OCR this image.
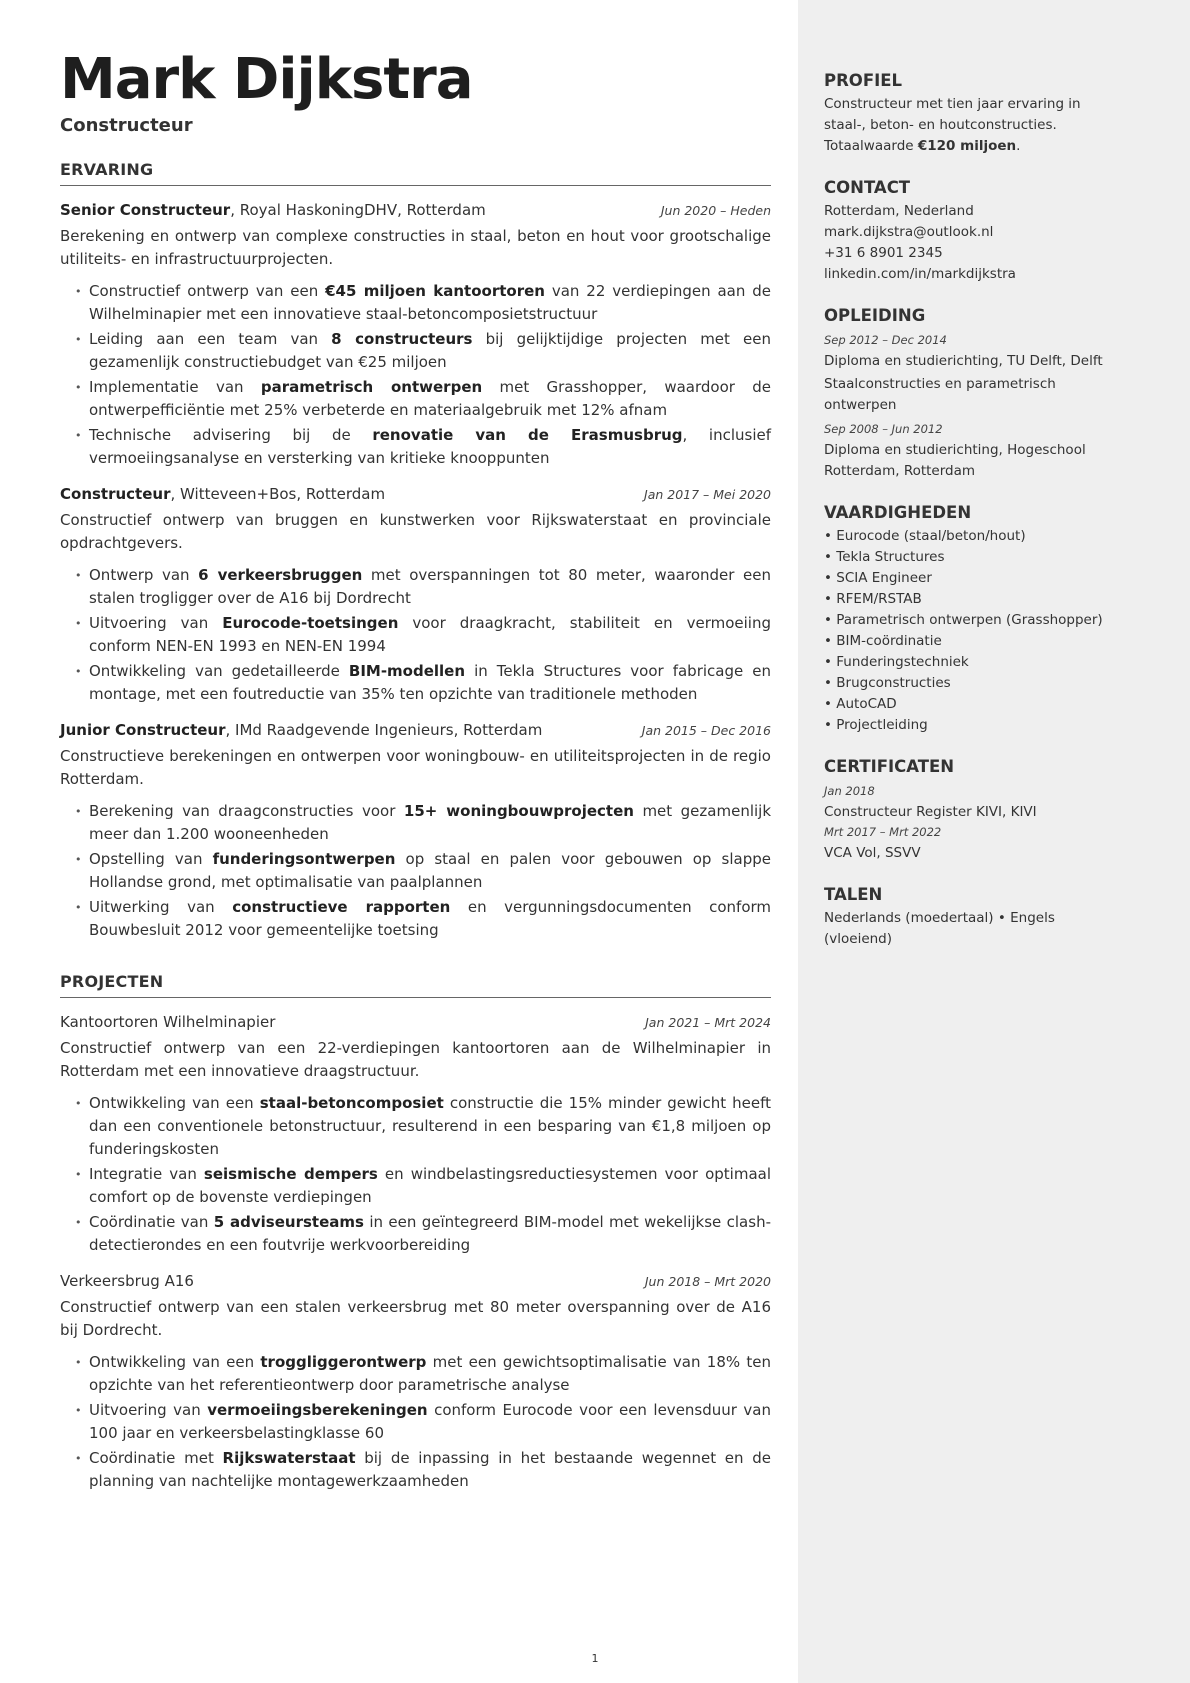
Mark Dijkstra
Constructeur
ERVARING
Senior Constructeur, Royal HaskoningDHV, Rotterdam	Jun 2020 – Heden

Berekening en ontwerp van complexe constructies in staal, beton en hout voor grootschalige utiliteits- en infrastructuurprojecten.

• Constructief ontwerp van een €45 miljoen kantoortoren van 22 verdiepingen aan de Wilhelminapier met een innovatieve staal-betoncomposietstructuur
• Leiding aan een team van 8 constructeurs bij gelijktijdige projecten met een gezamenlijk constructiebudget van €25 miljoen
• Implementatie van parametrisch ontwerpen met Grasshopper, waardoor de ontwerpefficiëntie met 25% verbeterde en materiaalgebruik met 12% afnam
• Technische advisering bij de renovatie van de Erasmusbrug, inclusief vermoeiingsanalyse en versterking van kritieke knooppunten
Constructeur, Witteveen+Bos, Rotterdam	Jan 2017 – Mei 2020

Constructief ontwerp van bruggen en kunstwerken voor Rijkswaterstaat en provinciale opdrachtgevers.

• Ontwerp van 6 verkeersbruggen met overspanningen tot 80 meter, waaronder een stalen trogligger over de A16 bij Dordrecht
• Uitvoering van Eurocode-toetsingen voor draagkracht, stabiliteit en vermoeiing conform NEN-EN 1993 en NEN-EN 1994
• Ontwikkeling van gedetailleerde BIM-modellen in Tekla Structures voor fabricage en montage, met een foutreductie van 35% ten opzichte van traditionele methoden
Junior Constructeur, IMd Raadgevende Ingenieurs, Rotterdam	Jan 2015 – Dec 2016

Constructieve berekeningen en ontwerpen voor woningbouw- en utiliteitsprojecten in de regio Rotterdam.

• Berekening van draagconstructies voor 15+ woningbouwprojecten met gezamenlijk meer dan 1.200 wooneenheden
• Opstelling van funderingsontwerpen op staal en palen voor gebouwen op slappe Hollandse grond, met optimalisatie van paalplannen
• Uitwerking van constructieve rapporten en vergunningsdocumenten conform Bouwbesluit 2012 voor gemeentelijke toetsing
PROJECTEN
Kantoortoren Wilhelminapier	Jan 2021 – Mrt 2024

Constructief ontwerp van een 22-verdiepingen kantoortoren aan de Wilhelminapier in Rotterdam met een innovatieve draagstructuur.

• Ontwikkeling van een staal-betoncomposiet constructie die 15% minder gewicht heeft dan een conventionele betonstructuur, resulterend in een besparing van €1,8 miljoen op funderingskosten
• Integratie van seismische dempers en windbelastingsreductiesystemen voor optimaal comfort op de bovenste verdiepingen
• Coördinatie van 5 adviseursteams in een geïntegreerd BIM-model met wekelijkse clash-detectierondes en een foutvrije werkvoorbereiding
Verkeersbrug A16	Jun 2018 – Mrt 2020

Constructief ontwerp van een stalen verkeersbrug met 80 meter overspanning over de A16 bij Dordrecht.

• Ontwikkeling van een troggliggerontwerp met een gewichtsoptimalisatie van 18% ten opzichte van het referentieontwerp door parametrische analyse
• Uitvoering van vermoeiingsberekeningen conform Eurocode voor een levensduur van 100 jaar en verkeersbelastingklasse 60
• Coördinatie met Rijkswaterstaat bij de inpassing in het bestaande wegennet en de planning van nachtelijke montagewerkzaamheden
PROFIEL

Constructeur met tien jaar ervaring in staal-, beton- en houtconstructies. Totaalwaarde €120 miljoen.

CONTACT
Rotterdam, Nederland
mark.dijkstra@outlook.nl
+31 6 8901 2345
linkedin.com/in/markdijkstra
OPLEIDING
Sep 2012 – Dec 2014
Diploma en studierichting, TU Delft, Delft
Staalconstructies en parametrisch ontwerpen
Sep 2008 – Jun 2012
Diploma en studierichting, Hogeschool Rotterdam, Rotterdam
VAARDIGHEDEN
• Eurocode (staal/beton/hout)
• Tekla Structures
• SCIA Engineer
• RFEM/RSTAB
• Parametrisch ontwerpen (Grasshopper)
• BIM-coördinatie
• Funderingstechniek
• Brugconstructies
• AutoCAD
• Projectleiding
CERTIFICATEN
Jan 2018
Constructeur Register KIVI, KIVI
Mrt 2017 – Mrt 2022
VCA Vol, SSVV
TALEN
Nederlands (moedertaal) • Engels (vloeiend)
1
